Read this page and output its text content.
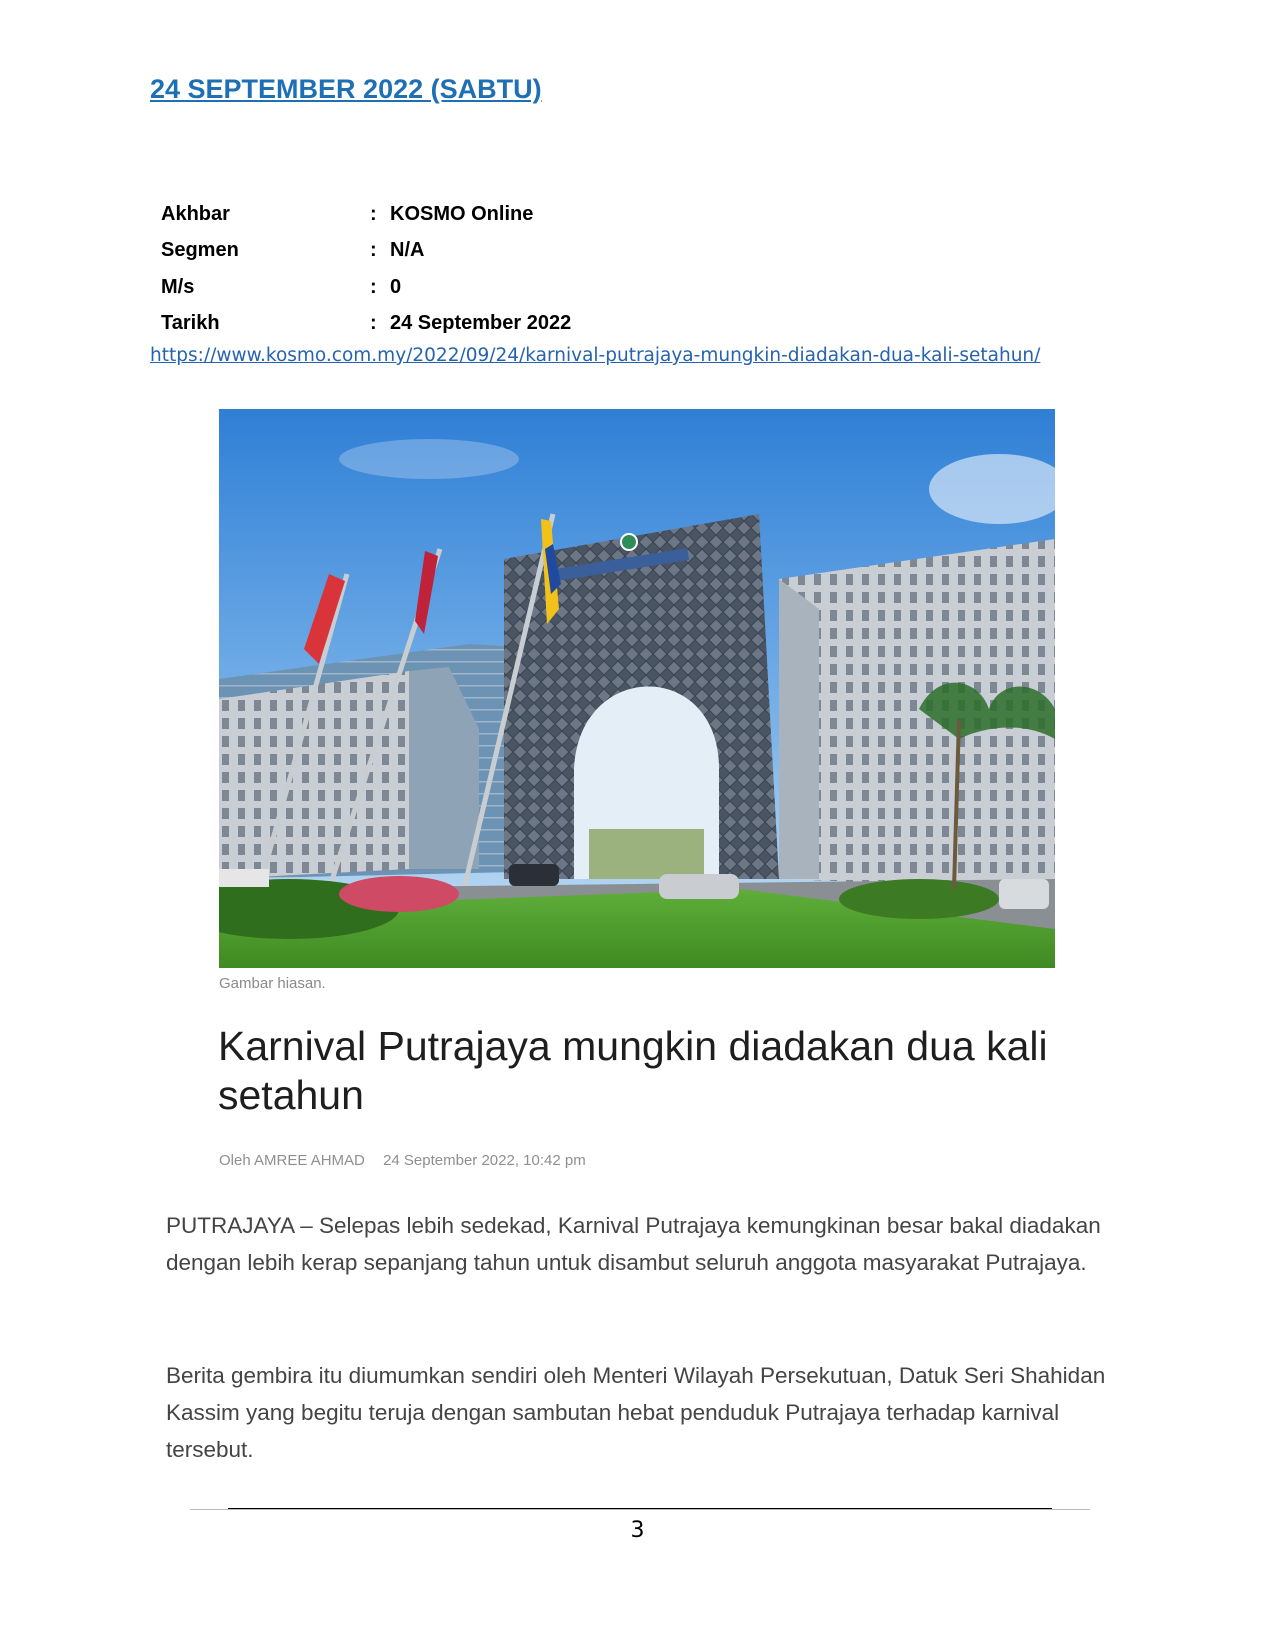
24 SEPTEMBER 2022 (SABTU)
Akhbar	: KOSMO Online
Segmen	: N/A
M/s	: 0
Tarikh	: 24 September 2022
https://www.kosmo.com.my/2022/09/24/karnival-putrajaya-mungkin-diadakan-dua-kali-setahun/
Gambar hiasan.
Karnival Putrajaya mungkin diadakan dua kali setahun
Oleh AMREE AHMAD 24 September 2022, 10:42 pm

PUTRAJAYA – Selepas lebih sedekad, Karnival Putrajaya kemungkinan besar bakal diadakan dengan lebih kerap sepanjang tahun untuk disambut seluruh anggota masyarakat Putrajaya.

Berita gembira itu diumumkan sendiri oleh Menteri Wilayah Persekutuan, Datuk Seri Shahidan Kassim yang begitu teruja dengan sambutan hebat penduduk Putrajaya terhadap karnival tersebut.

3
